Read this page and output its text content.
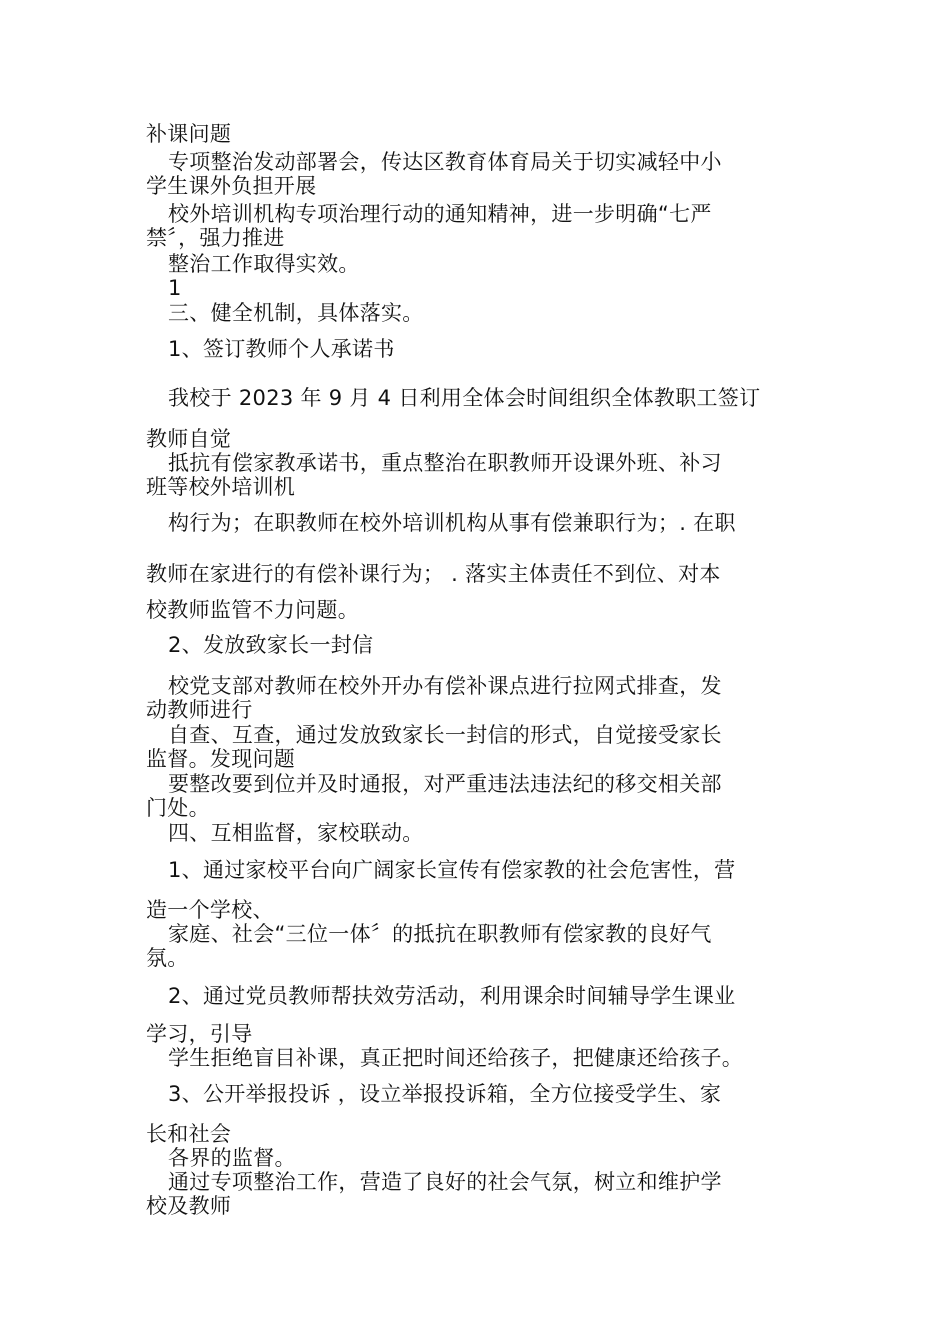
补课问题
专项整治发动部署会，传达区教育体育局关于切实减轻中小
学生课外负担开展
校外培训机构专项治理行动的通知精神，进一步明确“七严
禁〞，强力推进
整治工作取得实效。
1
三、健全机制，具体落实。
1、签订教师个人承诺书
我校于 2023 年 9 月 4 日利用全体会时间组织全体教职工签订
教师自觉
抵抗有偿家教承诺书，重点整治在职教师开设课外班、补习
班等校外培训机
构行为；在职教师在校外培训机构从事有偿兼职行为；. 在职
教师在家进行的有偿补课行为； . 落实主体责任不到位、对本
校教师监管不力问题。
2、发放致家长一封信
校党支部对教师在校外开办有偿补课点进行拉网式排查，发
动教师进行
自查、互查，通过发放致家长一封信的形式，自觉接受家长
监督。发现问题
要整改要到位并及时通报，对严重违法违法纪的移交相关部
门处。
四、互相监督，家校联动。
1、通过家校平台向广阔家长宣传有偿家教的社会危害性，营
造一个学校、
家庭、社会“三位一体〞的抵抗在职教师有偿家教的良好气
氛。
2、通过党员教师帮扶效劳活动，利用课余时间辅导学生课业
学习，引导
学生拒绝盲目补课，真正把时间还给孩子，把健康还给孩子。
3、公开举报投诉 ，设立举报投诉箱，全方位接受学生、家
长和社会
各界的监督。
通过专项整治工作，营造了良好的社会气氛，树立和维护学
校及教师
